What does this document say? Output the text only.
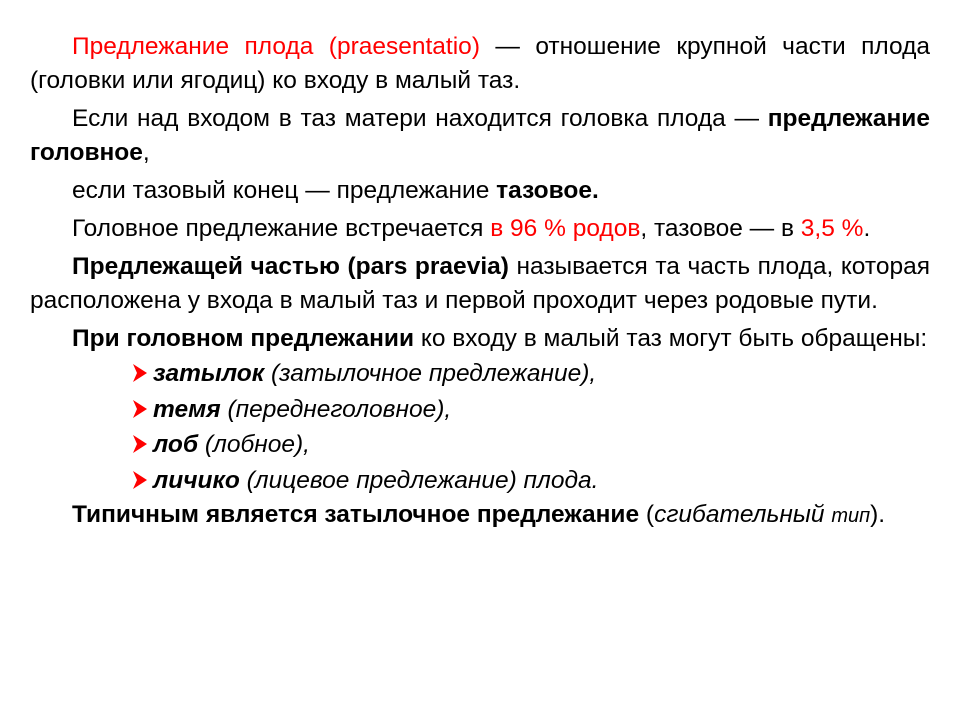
Предлежание плода (praesentatio) — отношение крупной части плода (головки или ягодиц) ко входу в малый таз.

Если над входом в таз матери находится головка плода — предлежание головное,

если тазовый конец — предлежание тазовое.

Головное предлежание встречается в 96 % родов, тазовое — в 3,5 %.

Предлежащей частью (pars praevia) называется та часть плода, которая расположена у входа в малый таз и первой проходит через родовые пути.

При головном предлежании ко входу в малый таз могут быть обращены:

затылок (затылочное предлежание),
темя (переднеголовное),
лоб (лобное),
личико (лицевое предлежание) плода.

Типичным является затылочное предлежание (сгибательный тип).
